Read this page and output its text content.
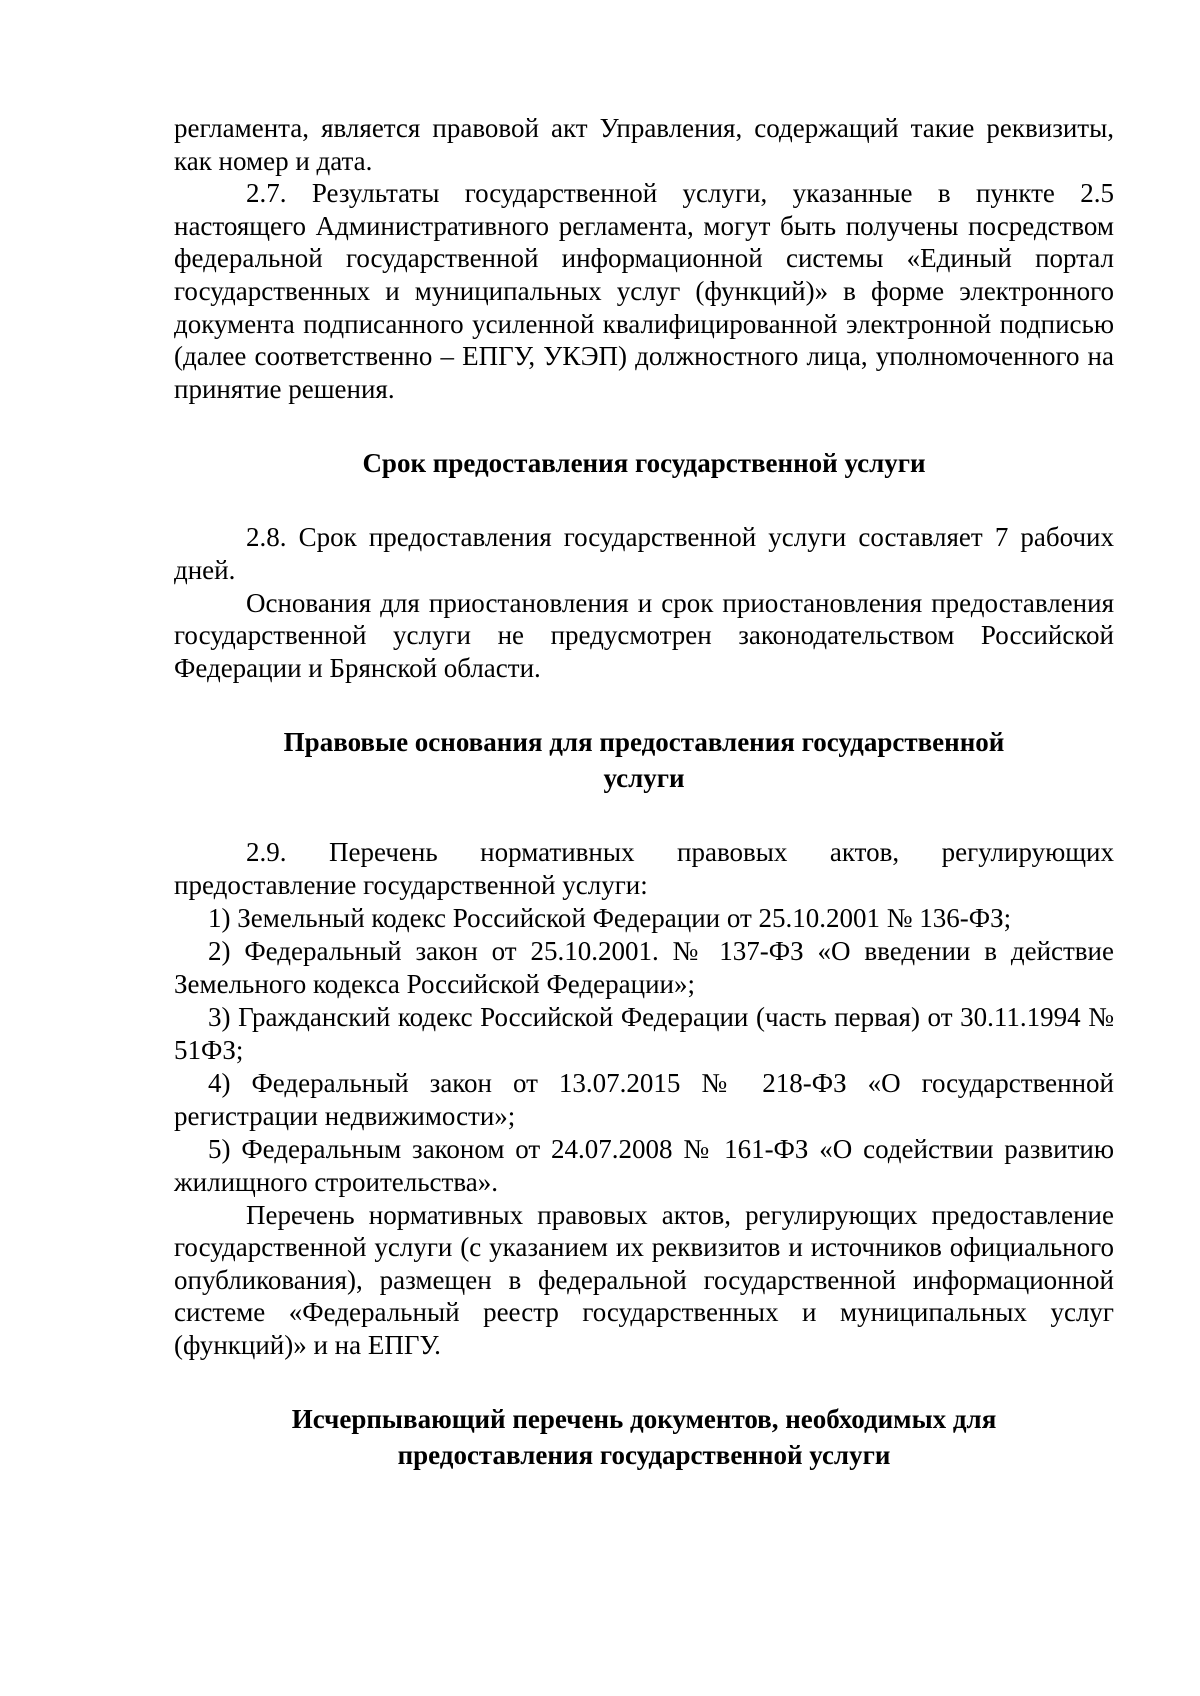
регламента, является правовой акт Управления, содержащий такие реквизиты, как номер и дата.

2.7. Результаты государственной услуги, указанные в пункте 2.5 настоящего Административного регламента, могут быть получены посредством федеральной государственной информационной системы «Единый портал государственных и муниципальных услуг (функций)» в форме электронного документа подписанного усиленной квалифицированной электронной подписью (далее соответственно – ЕПГУ, УКЭП) должностного лица, уполномоченного на принятие решения.

Срок предоставления государственной услуги

2.8. Срок предоставления государственной услуги составляет 7 рабочих дней.

Основания для приостановления и срок приостановления предоставления государственной услуги не предусмотрен законодательством Российской Федерации и Брянской области.

Правовые основания для предоставления государственной

услуги

2.9. Перечень нормативных правовых актов, регулирующих предоставление государственной услуги:

1) Земельный кодекс Российской Федерации от 25.10.2001 № 136-ФЗ;

2) Федеральный закон от 25.10.2001. № 137-ФЗ «О введении в действие Земельного кодекса Российской Федерации»;

3) Гражданский кодекс Российской Федерации (часть первая) от 30.11.1994 № 51ФЗ;

4) Федеральный закон от 13.07.2015 № 218-ФЗ «О государственной регистрации недвижимости»;

5) Федеральным законом от 24.07.2008 № 161-ФЗ «О содействии развитию жилищного строительства».

Перечень нормативных правовых актов, регулирующих предоставление государственной услуги (с указанием их реквизитов и источников официального опубликования), размещен в федеральной государственной информационной системе «Федеральный реестр государственных и муниципальных услуг (функций)» и на ЕПГУ.

Исчерпывающий перечень документов, необходимых для

предоставления государственной услуги
